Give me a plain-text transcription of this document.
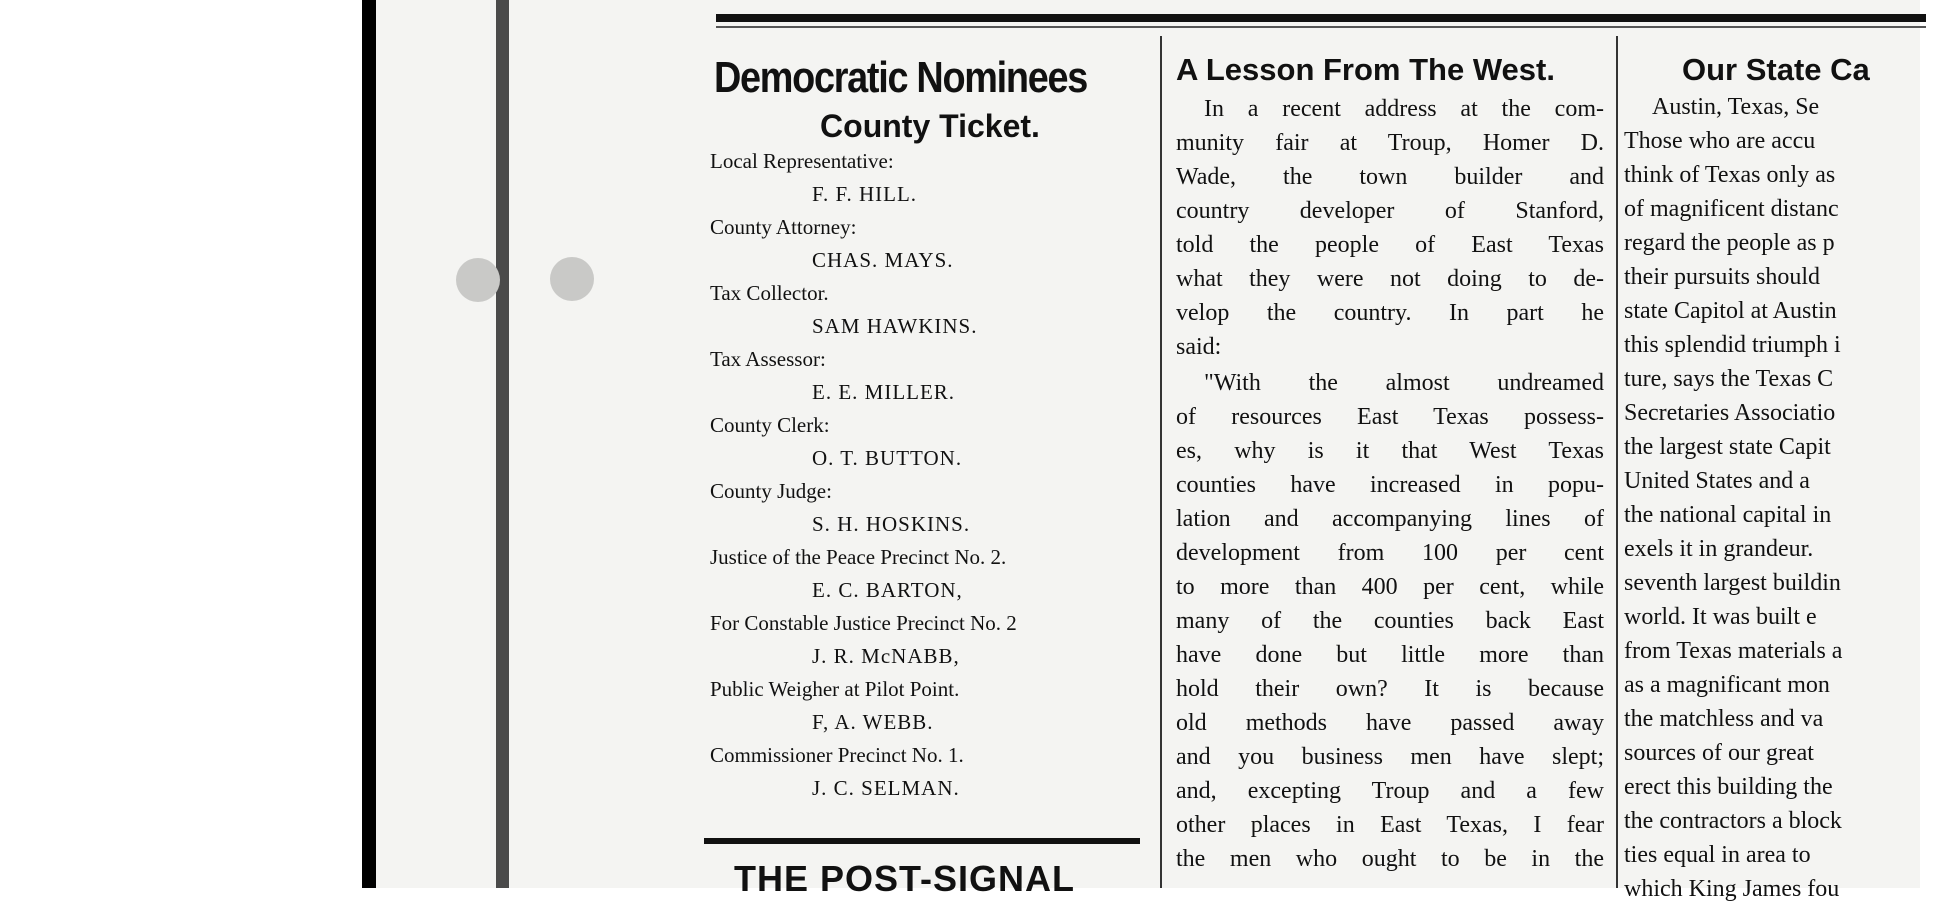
Democratic Nominees
County Ticket.
Local Representative:
F. F. HILL.
County Attorney:
CHAS. MAYS.
Tax Collector.
SAM HAWKINS.
Tax Assessor:
E. E. MILLER.
County Clerk:
O. T. BUTTON.
County Judge:
S. H. HOSKINS.
Justice of the Peace Precinct No. 2.
E. C. BARTON,
For Constable Justice Precinct No. 2
J. R. McNABB,
Public Weigher at Pilot Point.
F, A. WEBB.
Commissioner Precinct No. 1.
J. C. SELMAN.
THE POST-SIGNAL
A Lesson From The West.
In a recent address at the com-
munity fair at Troup, Homer D.
Wade, the town builder and
country developer of Stanford,
told the people of East Texas
what they were not doing to de-
velop the country. In part he
said:
"With the almost undreamed
of resources East Texas possess-
es, why is it that West Texas
counties have increased in popu-
lation and accompanying lines of
development from 100 per cent
to more than 400 per cent, while
many of the counties back East
have done but little more than
hold their own? It is because
old methods have passed away
and you business men have slept;
and, excepting Troup and a few
other places in East Texas, I fear
the men who ought to be in the
Our State Ca
Austin, Texas, Se
Those who are accu
think of Texas only as
of magnificent distanc
regard the people as p
their pursuits should
state Capitol at Austin
this splendid triumph i
ture, says the Texas C
Secretaries Associatio
the largest state Capit
United States and a
the national capital in
exels it in grandeur.
seventh largest buildin
world. It was built e
from Texas materials a
as a magnificant mon
the matchless and va
sources of our great
erect this building the
the contractors a block
ties equal in area to
which King James fou
